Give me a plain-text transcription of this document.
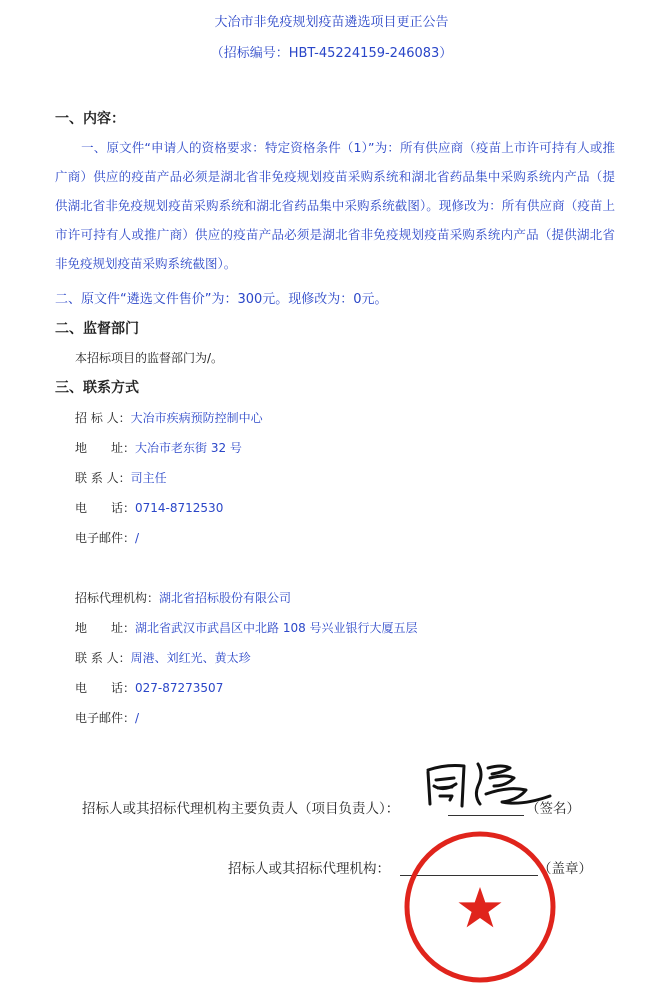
大冶市非免疫规划疫苗遴选项目更正公告
（招标编号：HBT-45224159-246083）
一、内容：
一、原文件“申请人的资格要求：特定资格条件（1）”为：所有供应商（疫苗上市许可持有人或推广商）供应的疫苗产品必须是湖北省非免疫规划疫苗采购系统和湖北省药品集中采购系统内产品（提供湖北省非免疫规划疫苗采购系统和湖北省药品集中采购系统截图）。现修改为：所有供应商（疫苗上市许可持有人或推广商）供应的疫苗产品必须是湖北省非免疫规划疫苗采购系统内产品（提供湖北省非免疫规划疫苗采购系统截图）。
二、原文件“遴选文件售价”为：300元。现修改为：0元。
二、监督部门
本招标项目的监督部门为/。
三、联系方式
招 标 人：大冶市疾病预防控制中心
地　　址：大冶市老东街 32 号
联 系 人：司主任
电　　话：0714-8712530
电子邮件：/
招标代理机构：湖北省招标股份有限公司
地　　址：湖北省武汉市武昌区中北路 108 号兴业银行大厦五层
联 系 人：周港、刘红光、黄太珍
电　　话：027-87273507
电子邮件：/
招标人或其招标代理机构主要负责人（项目负责人）：	（签名）
招标人或其招标代理机构：	（盖章）
